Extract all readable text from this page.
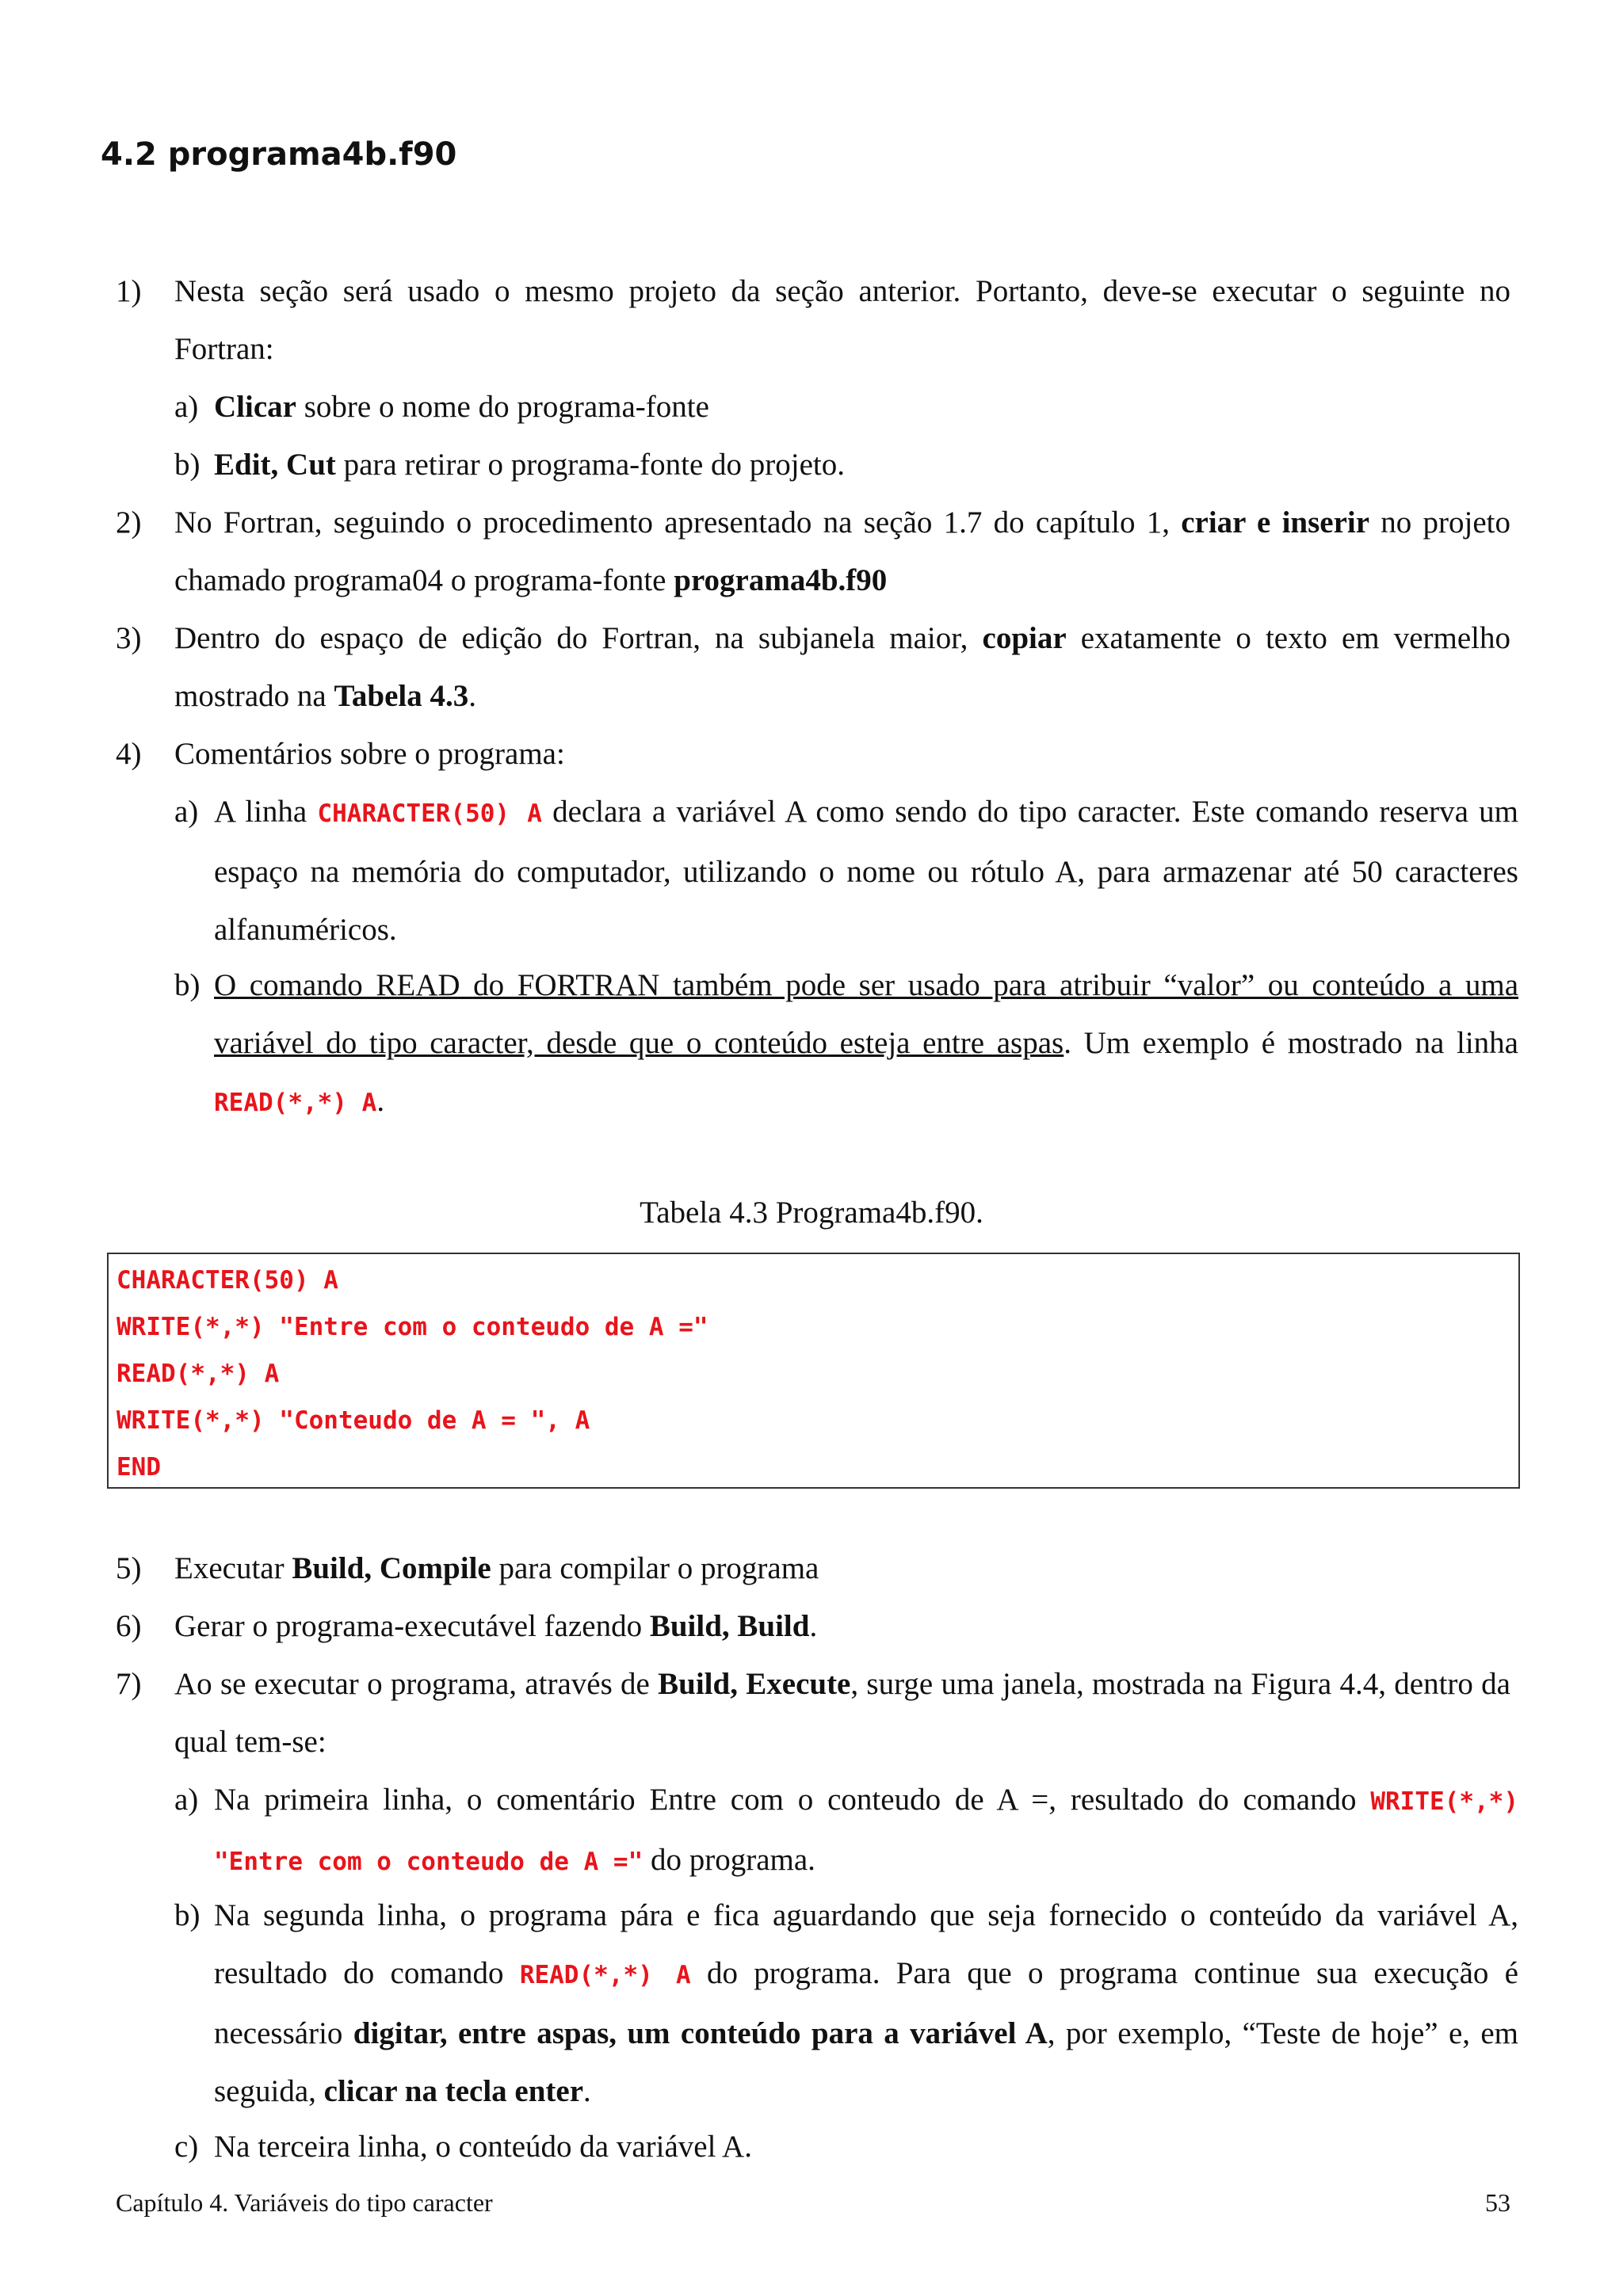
4.2 programa4b.f90
1) Nesta seção será usado o mesmo projeto da seção anterior. Portanto, deve-se executar o seguinte no Fortran:
a) Clicar sobre o nome do programa-fonte
b) Edit, Cut para retirar o programa-fonte do projeto.
2) No Fortran, seguindo o procedimento apresentado na seção 1.7 do capítulo 1, criar e inserir no projeto chamado programa04 o programa-fonte programa4b.f90
3) Dentro do espaço de edição do Fortran, na subjanela maior, copiar exatamente o texto em vermelho mostrado na Tabela 4.3.
4) Comentários sobre o programa:
a) A linha CHARACTER(50) A declara a variável A como sendo do tipo caracter. Este comando reserva um espaço na memória do computador, utilizando o nome ou rótulo A, para armazenar até 50 caracteres alfanuméricos.
b) O comando READ do FORTRAN também pode ser usado para atribuir “valor” ou conteúdo a uma variável do tipo caracter, desde que o conteúdo esteja entre aspas. Um exemplo é mostrado na linha READ(*,*) A.
Tabela 4.3 Programa4b.f90.
CHARACTER(50) A
WRITE(*,*) "Entre com o conteudo de A ="
READ(*,*) A
WRITE(*,*) "Conteudo de A = ", A
END
5) Executar Build, Compile para compilar o programa
6) Gerar o programa-executável fazendo Build, Build.
7) Ao se executar o programa, através de Build, Execute, surge uma janela, mostrada na Figura 4.4, dentro da qual tem-se:
a) Na primeira linha, o comentário Entre com o conteudo de A =, resultado do comando WRITE(*,*) "Entre com o conteudo de A =" do programa.
b) Na segunda linha, o programa pára e fica aguardando que seja fornecido o conteúdo da variável A, resultado do comando READ(*,*) A do programa. Para que o programa continue sua execução é necessário digitar, entre aspas, um conteúdo para a variável A, por exemplo, “Teste de hoje” e, em seguida, clicar na tecla enter.
c) Na terceira linha, o conteúdo da variável A.
Capítulo 4. Variáveis do tipo caracter	53
